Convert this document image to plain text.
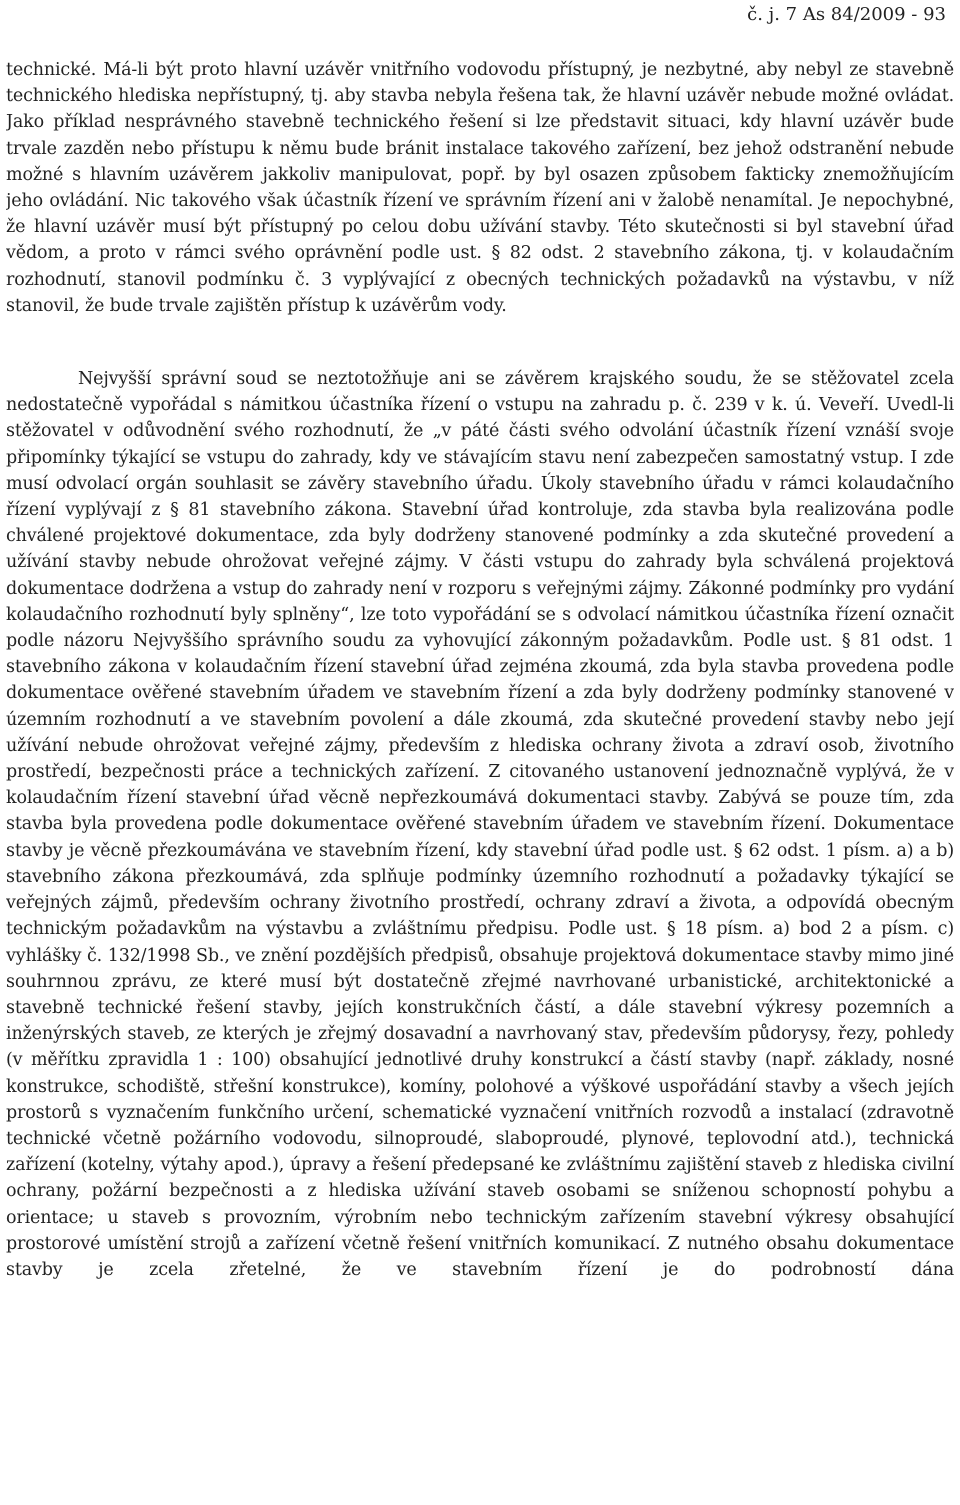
č. j. 7 As 84/2009 - 93

technické. Má-li být proto hlavní uzávěr vnitřního vodovodu přístupný, je nezbytné, aby nebyl ze stavebně technického hlediska nepřístupný, tj. aby stavba nebyla řešena tak, že hlavní uzávěr nebude možné ovládat. Jako příklad nesprávného stavebně technického řešení si lze představit situaci, kdy hlavní uzávěr bude trvale zazděn nebo přístupu k němu bude bránit instalace takového zařízení, bez jehož odstranění nebude možné s hlavním uzávěrem jakkoliv manipulovat, popř. by byl osazen způsobem fakticky znemožňujícím jeho ovládání. Nic takového však účastník řízení ve správním řízení ani v žalobě nenamítal. Je nepochybné, že hlavní uzávěr musí být přístupný po celou dobu užívání stavby. Této skutečnosti si byl stavební úřad vědom, a proto v rámci svého oprávnění podle ust. § 82 odst. 2 stavebního zákona, tj. v kolaudačním rozhodnutí, stanovil podmínku č. 3 vyplývající z obecných technických požadavků na výstavbu, v níž stanovil, že bude trvale zajištěn přístup k uzávěrům vody.

Nejvyšší správní soud se neztotožňuje ani se závěrem krajského soudu, že se stěžovatel zcela nedostatečně vypořádal s námitkou účastníka řízení o vstupu na zahradu p. č. 239 v k. ú. Veveří. Uvedl-li stěžovatel v odůvodnění svého rozhodnutí, že „v páté části svého odvolání účastník řízení vznáší svoje připomínky týkající se vstupu do zahrady, kdy ve stávajícím stavu není zabezpečen samostatný vstup. I zde musí odvolací orgán souhlasit se závěry stavebního úřadu. Úkoly stavebního úřadu v rámci kolaudačního řízení vyplývají z § 81 stavebního zákona. Stavební úřad kontroluje, zda stavba byla realizována podle chválené projektové dokumentace, zda byly dodrženy stanovené podmínky a zda skutečné provedení a užívání stavby nebude ohrožovat veřejné zájmy. V části vstupu do zahrady byla schválená projektová dokumentace dodržena a vstup do zahrady není v rozporu s veřejnými zájmy. Zákonné podmínky pro vydání kolaudačního rozhodnutí byly splněny“, lze toto vypořádání se s odvolací námitkou účastníka řízení označit podle názoru Nejvyššího správního soudu za vyhovující zákonným požadavkům. Podle ust. § 81 odst. 1 stavebního zákona v kolaudačním řízení stavební úřad zejména zkoumá, zda byla stavba provedena podle dokumentace ověřené stavebním úřadem ve stavebním řízení a zda byly dodrženy podmínky stanovené v územním rozhodnutí a ve stavebním povolení a dále zkoumá, zda skutečné provedení stavby nebo její užívání nebude ohrožovat veřejné zájmy, především z hlediska ochrany života a zdraví osob, životního prostředí, bezpečnosti práce a technických zařízení. Z citovaného ustanovení jednoznačně vyplývá, že v kolaudačním řízení stavební úřad věcně nepřezkoumává dokumentaci stavby. Zabývá se pouze tím, zda stavba byla provedena podle dokumentace ověřené stavebním úřadem ve stavebním řízení. Dokumentace stavby je věcně přezkoumávána ve stavebním řízení, kdy stavební úřad podle ust. § 62 odst. 1 písm. a) a b) stavebního zákona přezkoumává, zda splňuje podmínky územního rozhodnutí a požadavky týkající se veřejných zájmů, především ochrany životního prostředí, ochrany zdraví a života, a odpovídá obecným technickým požadavkům na výstavbu a zvláštnímu předpisu. Podle ust. § 18 písm. a) bod 2 a písm. c) vyhlášky č. 132/1998 Sb., ve znění pozdějších předpisů, obsahuje projektová dokumentace stavby mimo jiné souhrnnou zprávu, ze které musí být dostatečně zřejmé navrhované urbanistické, architektonické a stavebně technické řešení stavby, jejích konstrukčních částí, a dále stavební výkresy pozemních a inženýrských staveb, ze kterých je zřejmý dosavadní a navrhovaný stav, především půdorysy, řezy, pohledy (v měřítku zpravidla 1 : 100) obsahující jednotlivé druhy konstrukcí a částí stavby (např. základy, nosné konstrukce, schodiště, střešní konstrukce), komíny, polohové a výškové uspořádání stavby a všech jejích prostorů s vyznačením funkčního určení, schematické vyznačení vnitřních rozvodů a instalací (zdravotně technické včetně požárního vodovodu, silnoproudé, slaboproudé, plynové, teplovodní atd.), technická zařízení (kotelny, výtahy apod.), úpravy a řešení předepsané ke zvláštnímu zajištění staveb z hlediska civilní ochrany, požární bezpečnosti a z hlediska užívání staveb osobami se sníženou schopností pohybu a orientace; u staveb s provozním, výrobním nebo technickým zařízením stavební výkresy obsahující prostorové umístění strojů a zařízení včetně řešení vnitřních komunikací. Z nutného obsahu dokumentace stavby je zcela zřetelné, že ve stavebním řízení je do podrobností dána
